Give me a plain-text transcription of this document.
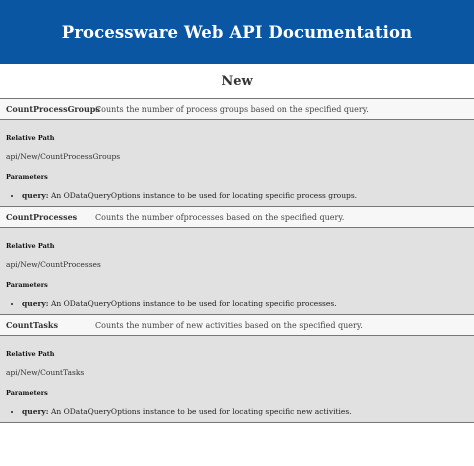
Processware Web API Documentation
New
CountProcessGroups
Counts the number of process groups based on the specified query.
Relative Path
api/New/CountProcessGroups
Parameters
• query: An ODataQueryOptions instance to be used for locating specific process groups.
CountProcesses	Counts the number ofprocesses based on the specified query.
Relative Path
api/New/CountProcesses
Parameters
• query: An ODataQueryOptions instance to be used for locating specific processes.
CountTasks	Counts the number of new activities based on the specified query.
Relative Path
api/New/CountTasks
Parameters
• query: An ODataQueryOptions instance to be used for locating specific new activities.
